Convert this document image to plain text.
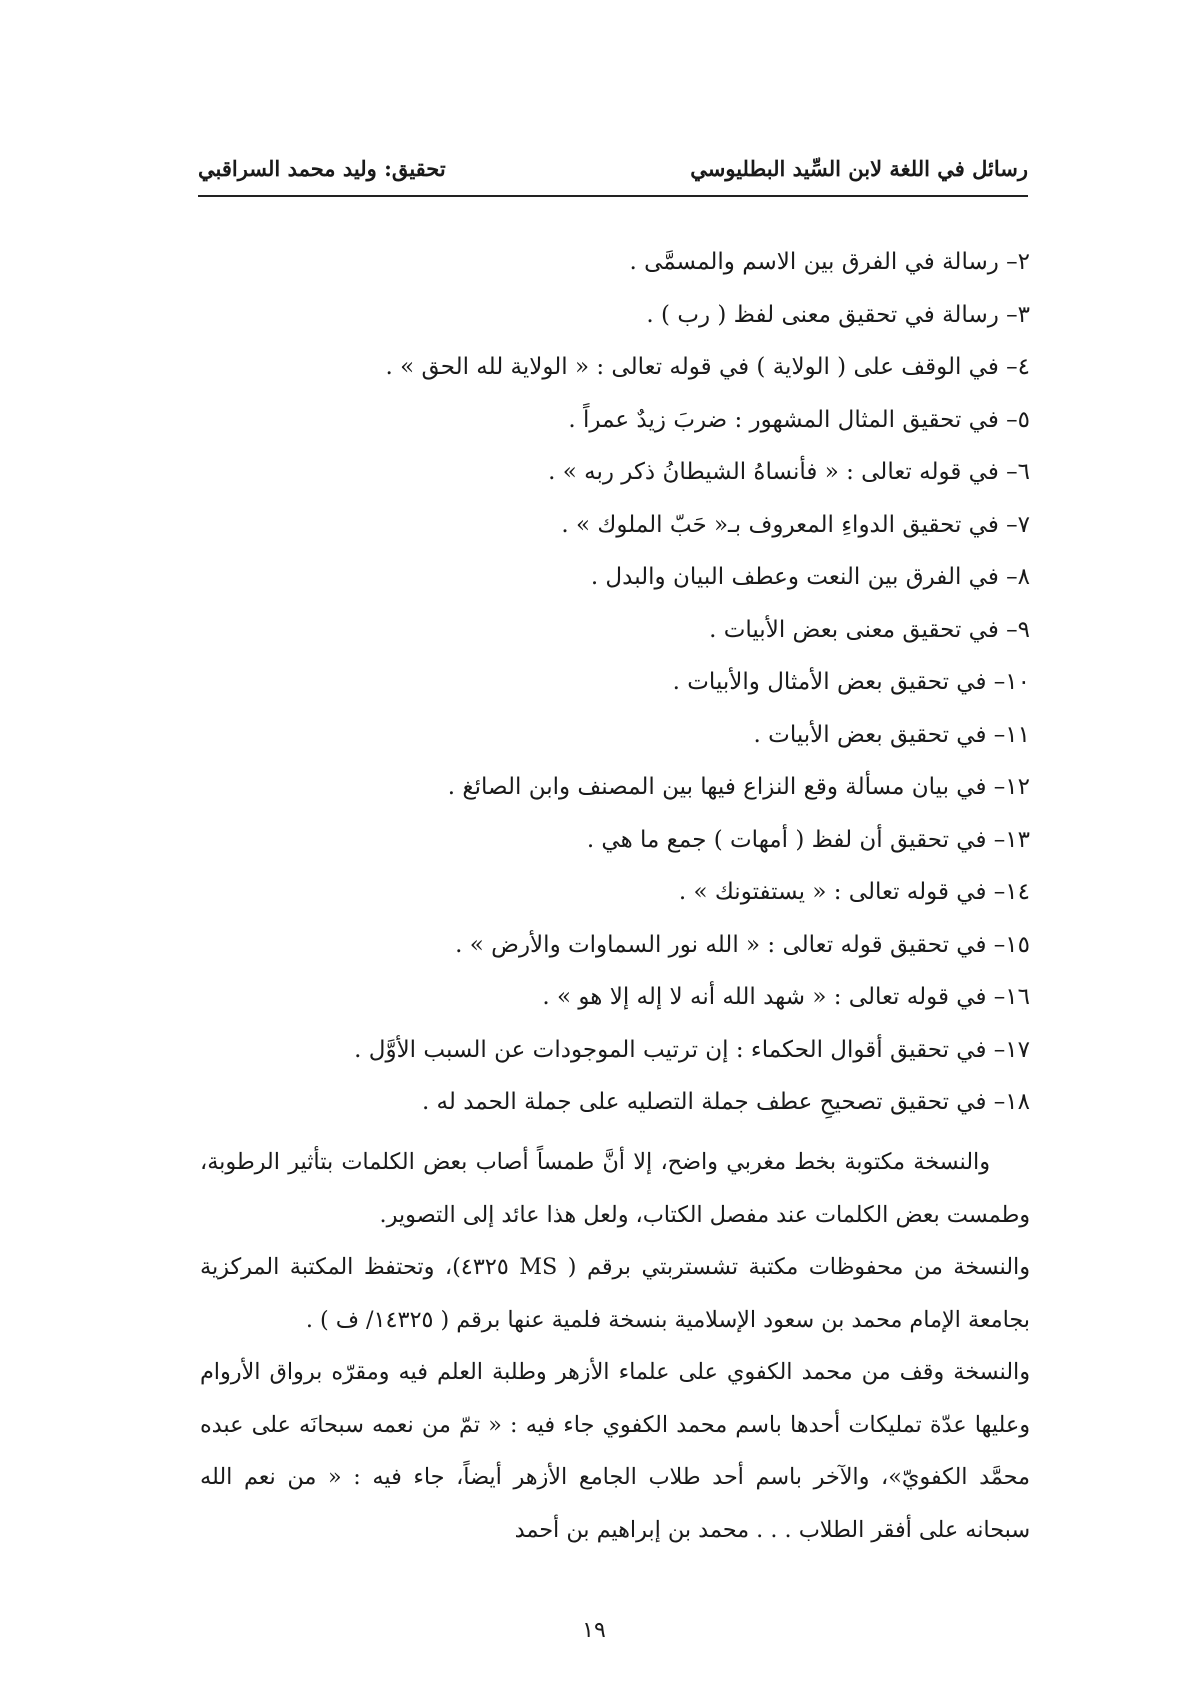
رسائل في اللغة لابن السِّيد البطليوسي
تحقيق: وليد محمد السراقبي
٢– رسالة في الفرق بين الاسم والمسمَّى .
٣– رسالة في تحقيق معنى لفظ ( رب ) .
٤– في الوقف على ( الولاية ) في قوله تعالى : « الولاية لله الحق » .
٥– في تحقيق المثال المشهور : ضربَ زيدٌ عمراً .
٦– في قوله تعالى : « فأنساهُ الشيطانُ ذكر ربه » .
٧– في تحقيق الدواءِ المعروف بـ« حَبّ الملوك » .
٨– في الفرق بين النعت وعطف البيان والبدل .
٩– في تحقيق معنى بعض الأبيات .
١٠– في تحقيق بعض الأمثال والأبيات .
١١– في تحقيق بعض الأبيات .
١٢– في بيان مسألة وقع النزاع فيها بين المصنف وابن الصائغ .
١٣– في تحقيق أن لفظ ( أمهات ) جمع ما هي .
١٤– في قوله تعالى : « يستفتونك » .
١٥– في تحقيق قوله تعالى : « الله نور السماوات والأرض » .
١٦– في قوله تعالى : « شهد الله أنه لا إله إلا هو » .
١٧– في تحقيق أقوال الحكماء : إن ترتيب الموجودات عن السبب الأوَّل .
١٨– في تحقيق تصحيحِ عطف جملة التصليه على جملة الحمد له .

والنسخة مكتوبة بخط مغربي واضح، إلا أنَّ طمساً أصاب بعض الكلمات بتأثير الرطوبة، وطمست بعض الكلمات عند مفصل الكتاب، ولعل هذا عائد إلى التصوير.

والنسخة من محفوظات مكتبة تشستربتي برقم ( MS ٤٣٢٥)، وتحتفظ المكتبة المركزية بجامعة الإمام محمد بن سعود الإسلامية بنسخة فلمية عنها برقم ( ١٤٣٢٥/ ف ) .

والنسخة وقف من محمد الكفوي على علماء الأزهر وطلبة العلم فيه ومقرّه برواق الأروام وعليها عدّة تمليكات أحدها باسم محمد الكفوي جاء فيه : « تمّ من نعمه سبحانَه على عبده محمَّد الكفويّ»، والآخر باسم أحد طلاب الجامع الأزهر أيضاً، جاء فيه : « من نعم الله سبحانه على أفقر الطلاب . . . محمد بن إبراهيم بن أحمد

١٩
